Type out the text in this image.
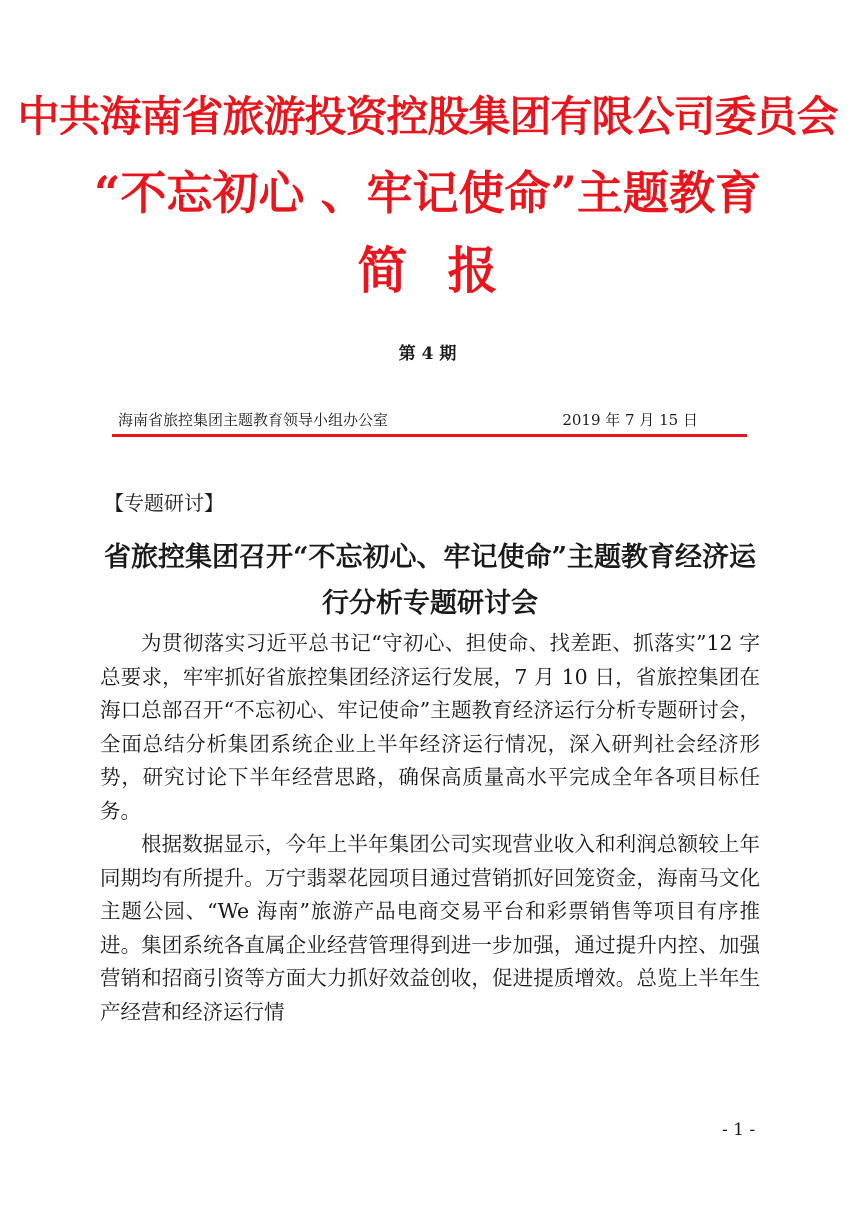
中共海南省旅游投资控股集团有限公司委员会
“不忘初心 、牢记使命”主题教育
简报
第 4 期
海南省旅控集团主题教育领导小组办公室	2019 年 7 月 15 日
【专题研讨】
省旅控集团召开“不忘初心、牢记使命”主题教育经济运行分析专题研讨会

为贯彻落实习近平总书记“守初心、担使命、找差距、抓落实”12 字总要求，牢牢抓好省旅控集团经济运行发展，7 月 10 日，省旅控集团在海口总部召开“不忘初心、牢记使命”主题教育经济运行分析专题研讨会，全面总结分析集团系统企业上半年经济运行情况，深入研判社会经济形势，研究讨论下半年经营思路，确保高质量高水平完成全年各项目标任务。

根据数据显示，今年上半年集团公司实现营业收入和利润总额较上年同期均有所提升。万宁翡翠花园项目通过营销抓好回笼资金，海南马文化主题公园、“We 海南”旅游产品电商交易平台和彩票销售等项目有序推进。集团系统各直属企业经营管理得到进一步加强，通过提升内控、加强营销和招商引资等方面大力抓好效益创收，促进提质增效。总览上半年生产经营和经济运行情

- 1 -
